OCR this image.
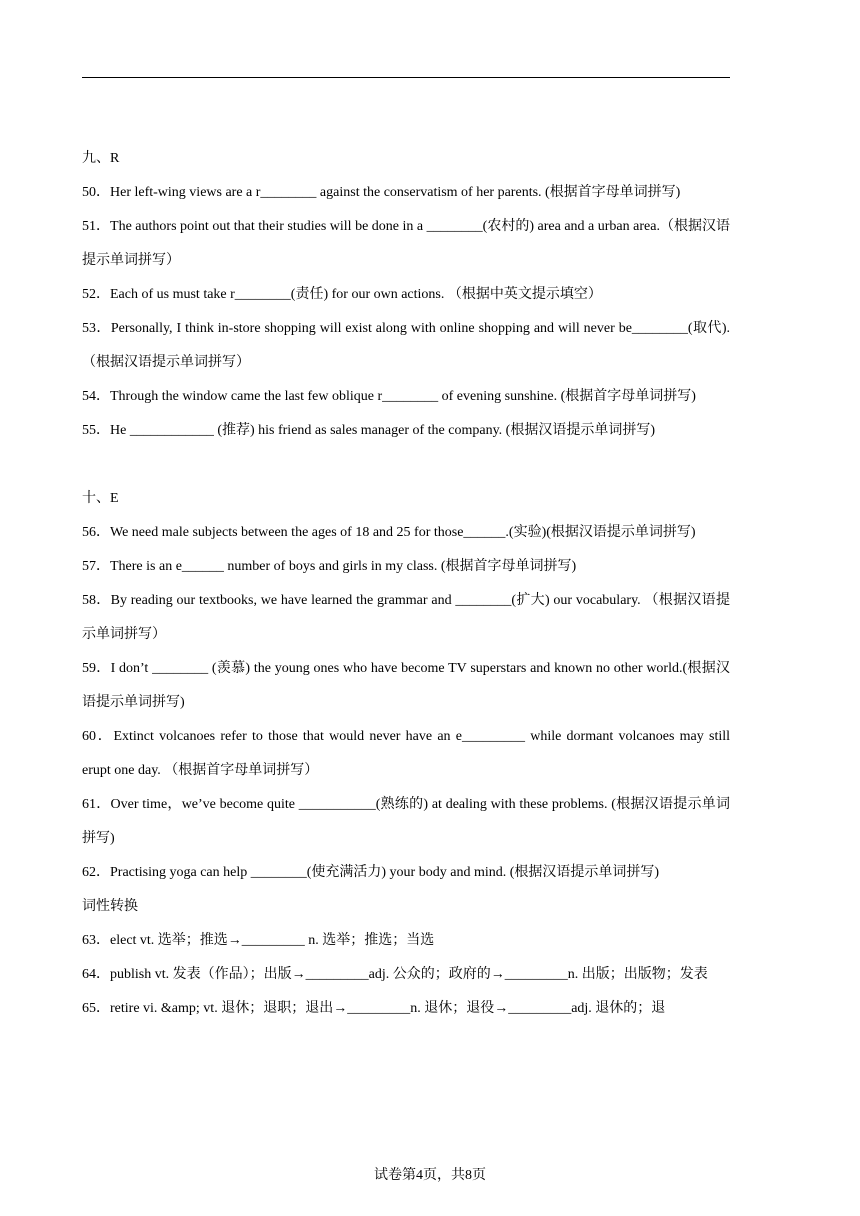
九、R
50．Her left-wing views are a r________ against the conservatism of her parents. (根据首字母单词拼写)
51．The authors point out that their studies will be done in a ________(农村的) area and a urban area.（根据汉语提示单词拼写）
52．Each of us must take r________(责任) for our own actions. （根据中英文提示填空）
53．Personally, I think in-store shopping will exist along with online shopping and will never be________(取代). （根据汉语提示单词拼写）
54．Through the window came the last few oblique r________ of evening sunshine. (根据首字母单词拼写)
55．He ____________ (推荐) his friend as sales manager of the company. (根据汉语提示单词拼写)
十、E
56．We need male subjects between the ages of 18 and 25 for those______.(实验)(根据汉语提示单词拼写)
57．There is an e______ number of boys and girls in my class. (根据首字母单词拼写)
58．By reading our textbooks, we have learned the grammar and ________(扩大) our vocabulary. （根据汉语提示单词拼写）
59．I don’t ________ (羡慕) the young ones who have become TV superstars and known no other world.(根据汉语提示单词拼写)
60．Extinct volcanoes refer to those that would never have an e_________ while dormant volcanoes may still erupt one day. （根据首字母单词拼写）
61．Over time，we’ve become quite ___________(熟练的) at dealing with these problems. (根据汉语提示单词拼写)
62．Practising yoga can help ________(使充满活力) your body and mind. (根据汉语提示单词拼写)
词性转换
63．elect vt. 选举；推选→_________ n. 选举；推选；当选
64．publish vt. 发表（作品）；出版→_________adj. 公众的；政府的→_________n. 出版；出版物；发表
65．retire vi. &amp; vt. 退休；退职；退出→_________n. 退休；退役→_________adj. 退休的；退
试卷第4页，共8页
